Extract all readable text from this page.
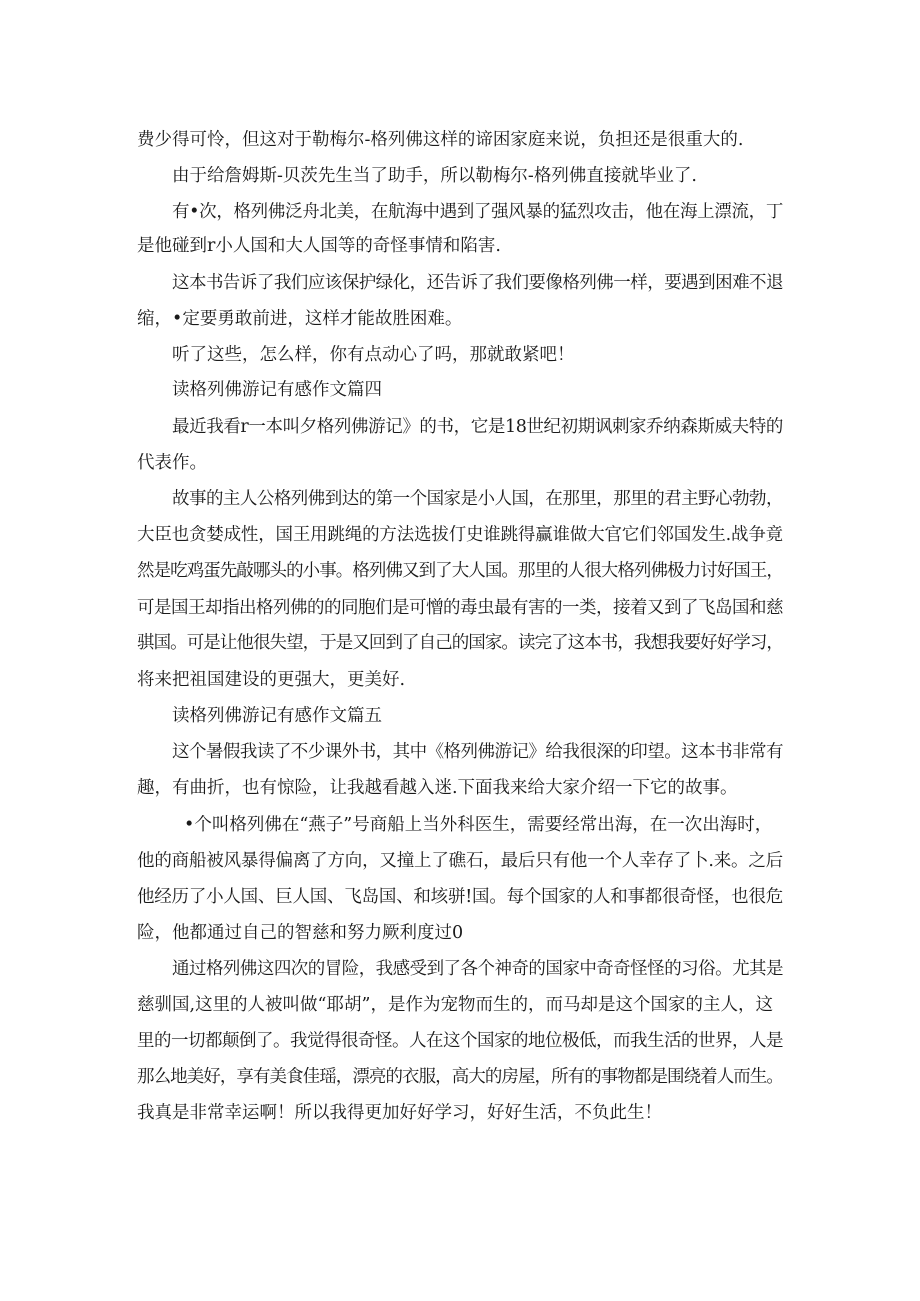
费少得可怜，但这对于勒梅尔-格列佛这样的谛困家庭来说，负担还是很重大的.

由于给詹姆斯-贝茨先生当了助手，所以勒梅尔-格列佛直接就毕业了.

有•次，格列佛泛舟北美，在航海中遇到了强风暴的猛烈攻击，他在海上漂流，丁

是他碰到r小人国和大人国等的奇怪事情和陷害.

这本书告诉了我们应该保护绿化，还告诉了我们要像格列佛一样，要遇到困难不退

缩，•定要勇敢前进，这样才能故胜困难。

听了这些，怎么样，你有点动心了吗，那就敢紧吧！

读格列佛游记有感作文篇四

最近我看r一本叫夕格列佛游记》的书，它是18世纪初期讽刺家乔纳森斯威夫特的

代表作。

故事的主人公格列佛到达的第一个国家是小人国，在那里，那里的君主野心勃勃，

大臣也贪婪成性，国王用跳绳的方法选拔仃史谁跳得赢谁做大官它们邻国发生.战争竟

然是吃鸡蛋先敲哪头的小事。格列佛又到了大人国。那里的人很大格列佛极力讨好国王，

可是国王却指出格列佛的的同胞们是可憎的毒虫最有害的一类，接着又到了飞岛国和慈

骐国。可是让他很失望，于是又回到了自己的国家。读完了这本书，我想我要好好学习，

将来把祖国建设的更强大，更美好.

读格列佛游记有感作文篇五

这个暑假我读了不少课外书，其中《格列佛游记》给我很深的印望。这本书非常有

趣，有曲折，也有惊险，让我越看越入迷.下面我来给大家介绍一下它的故事。

•个叫格列佛在“燕子”号商船上当外科医生，需要经常出海，在一次出海时，

他的商船被风暴得偏离了方向，又撞上了礁石，最后只有他一个人幸存了卜.来。之后

他经历了小人国、巨人国、飞岛国、和垓骈!国。每个国家的人和事都很奇怪，也很危

险，他都通过自己的智慈和努力厥利度过0

通过格列佛这四次的冒险，我感受到了各个神奇的国家中奇奇怪怪的习俗。尤其是

慈驯国,这里的人被叫做“耶胡”，是作为宠物而生的，而马却是这个国家的主人，这

里的一切都颠倒了。我觉得很奇怪。人在这个国家的地位极低，而我生活的世界，人是

那么地美好，享有美食佳瑶，漂亮的衣服，高大的房屋，所有的事物都是围绕着人而生。

我真是非常幸运啊！所以我得更加好好学习，好好生活，不负此生！
